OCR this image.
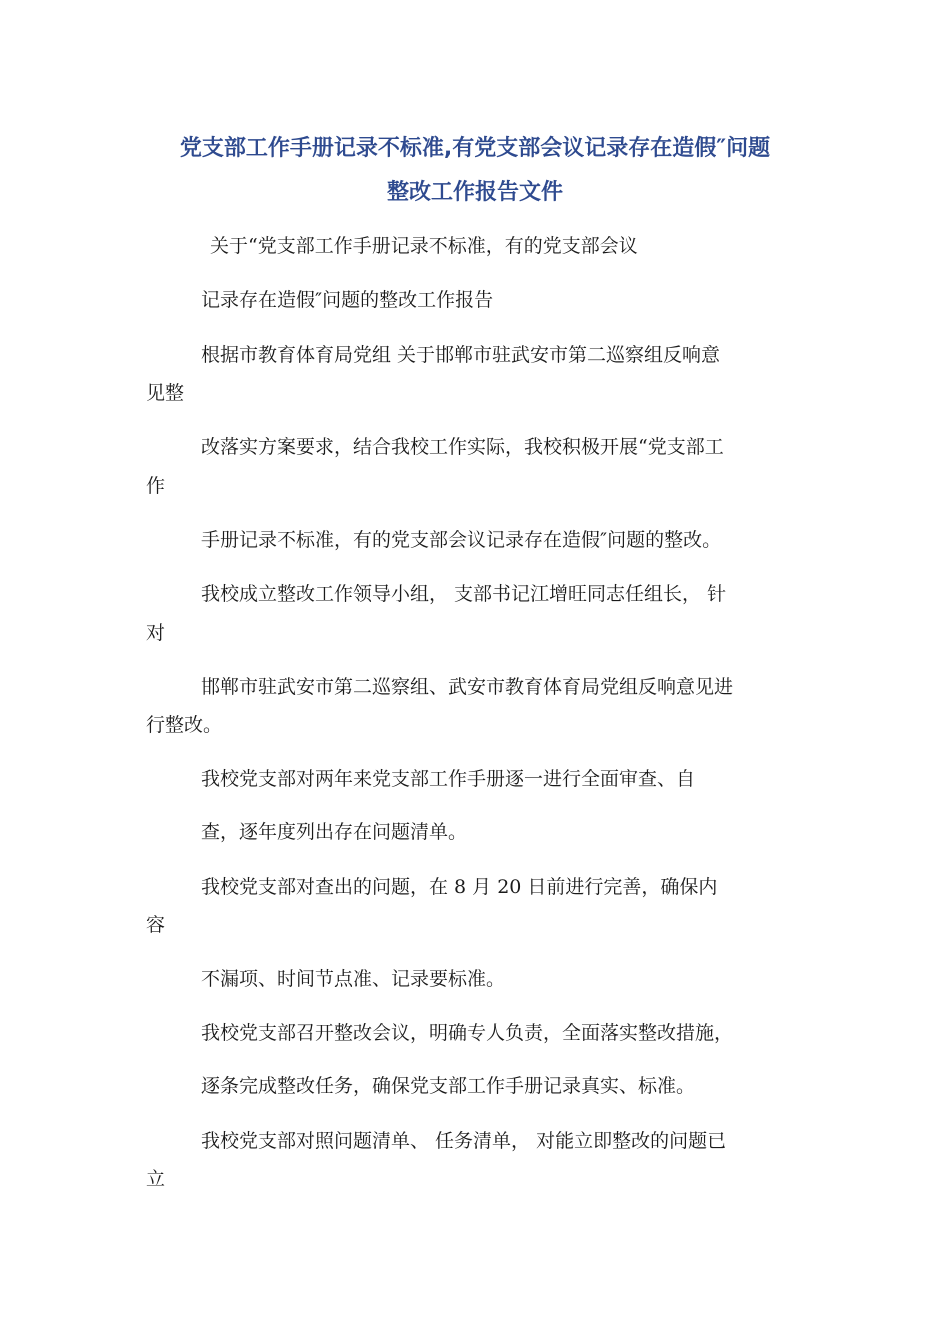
党支部工作手册记录不标准,有党支部会议记录存在造假″问题
整改工作报告文件
关于“党支部工作手册记录不标准，有的党支部会议
记录存在造假″问题的整改工作报告
根据市教育体育局党组 关于邯郸市驻武安市第二巡察组反响意
见整
改落实方案要求，结合我校工作实际，我校积极开展“党支部工
作
手册记录不标准，有的党支部会议记录存在造假″问题的整改。
我校成立整改工作领导小组， 支部书记江增旺同志任组长， 针
对
邯郸市驻武安市第二巡察组、武安市教育体育局党组反响意见进
行整改。
我校党支部对两年来党支部工作手册逐一进行全面审查、自
查，逐年度列出存在问题清单。
我校党支部对查出的问题，在 8 月 20 日前进行完善，确保内
容
不漏项、时间节点准、记录要标准。
我校党支部召开整改会议，明确专人负责，全面落实整改措施，
逐条完成整改任务，确保党支部工作手册记录真实、标准。
我校党支部对照问题清单、 任务清单， 对能立即整改的问题已
立
